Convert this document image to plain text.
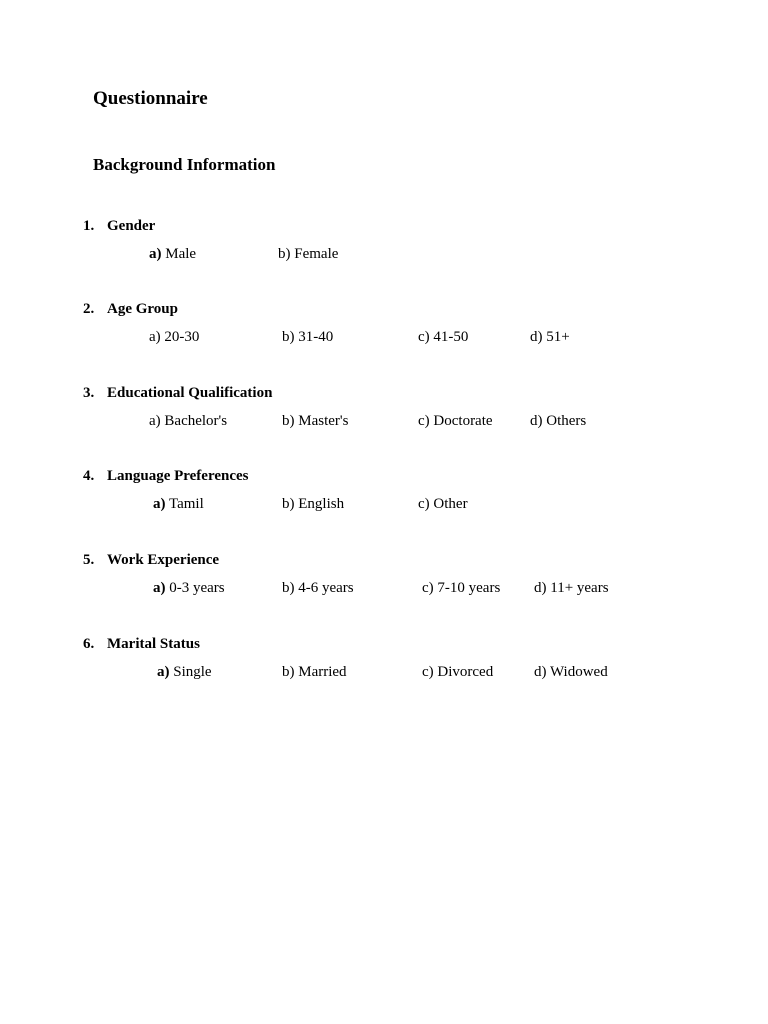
Questionnaire
Background Information
1. Gender
a) Male	b) Female
2. Age Group
a) 20-30	b) 31-40	c) 41-50	d) 51+
3. Educational Qualification
a) Bachelor's	b) Master's	c) Doctorate d) Others
4. Language Preferences
a) Tamil	b) English	c) Other
5. Work Experience
a) 0-3 years	b) 4-6 years	c) 7-10 years d) 11+ years
6. Marital Status
a) Single	b) Married	c) Divorced	d) Widowed
